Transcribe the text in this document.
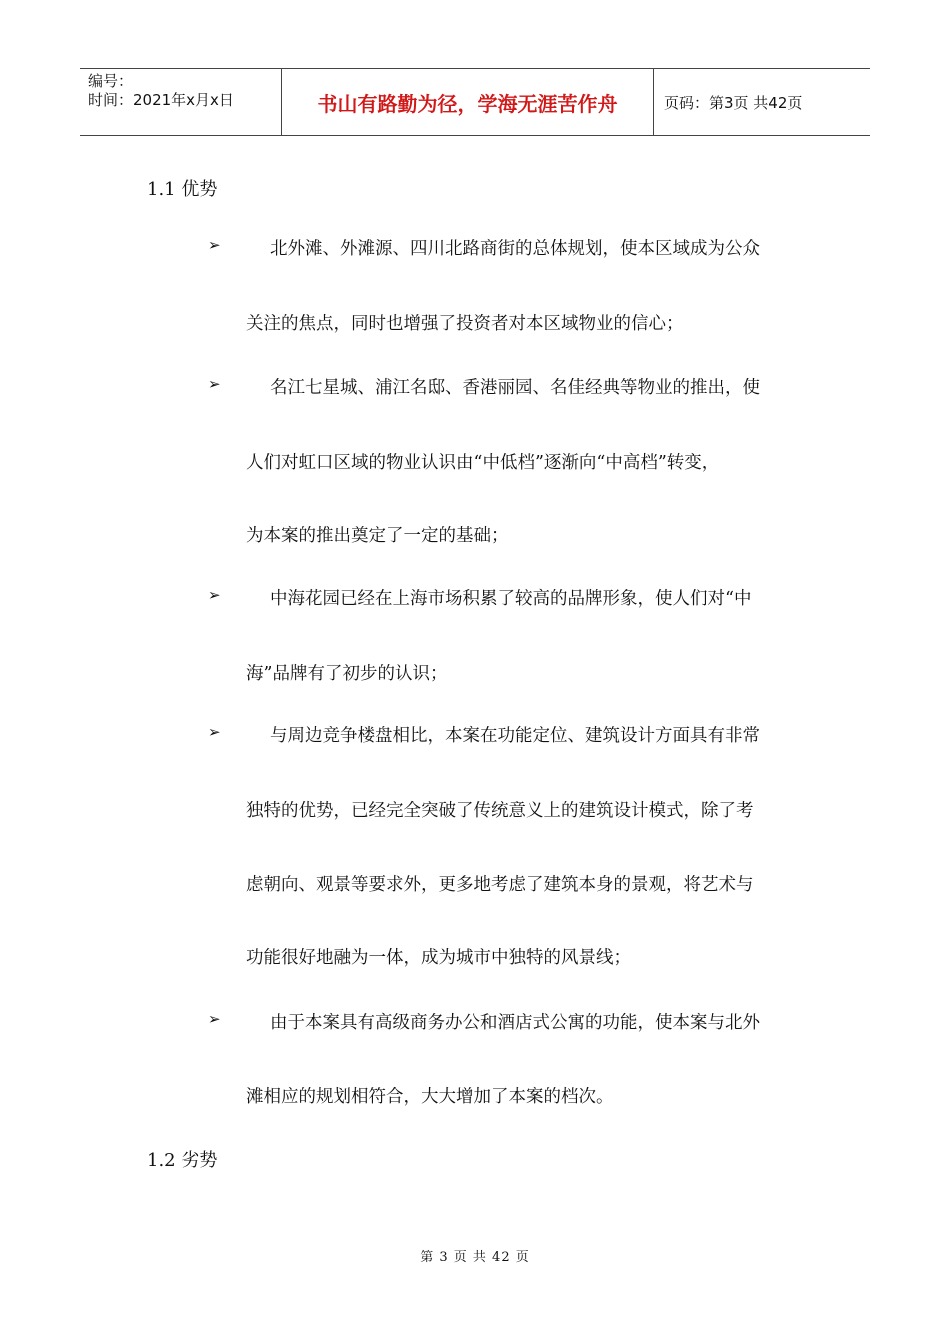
编号：
时间：2021年x月x日	书山有路勤为径，学海无涯苦作舟	页码：第3页 共42页
1.1 优势
➢	北外滩、外滩源、四川北路商街的总体规划，使本区域成为公众
关注的焦点，同时也增强了投资者对本区域物业的信心；
➢	名江七星城、浦江名邸、香港丽园、名佳经典等物业的推出，使
人们对虹口区域的物业认识由“中低档”逐渐向“中高档”转变，
为本案的推出奠定了一定的基础；
➢	中海花园已经在上海市场积累了较高的品牌形象，使人们对“中
海”品牌有了初步的认识；
➢	与周边竞争楼盘相比，本案在功能定位、建筑设计方面具有非常
独特的优势，已经完全突破了传统意义上的建筑设计模式，除了考
虑朝向、观景等要求外，更多地考虑了建筑本身的景观，将艺术与
功能很好地融为一体，成为城市中独特的风景线；
➢	由于本案具有高级商务办公和酒店式公寓的功能，使本案与北外
滩相应的规划相符合，大大增加了本案的档次。
1.2 劣势
第 3 页 共 42 页
